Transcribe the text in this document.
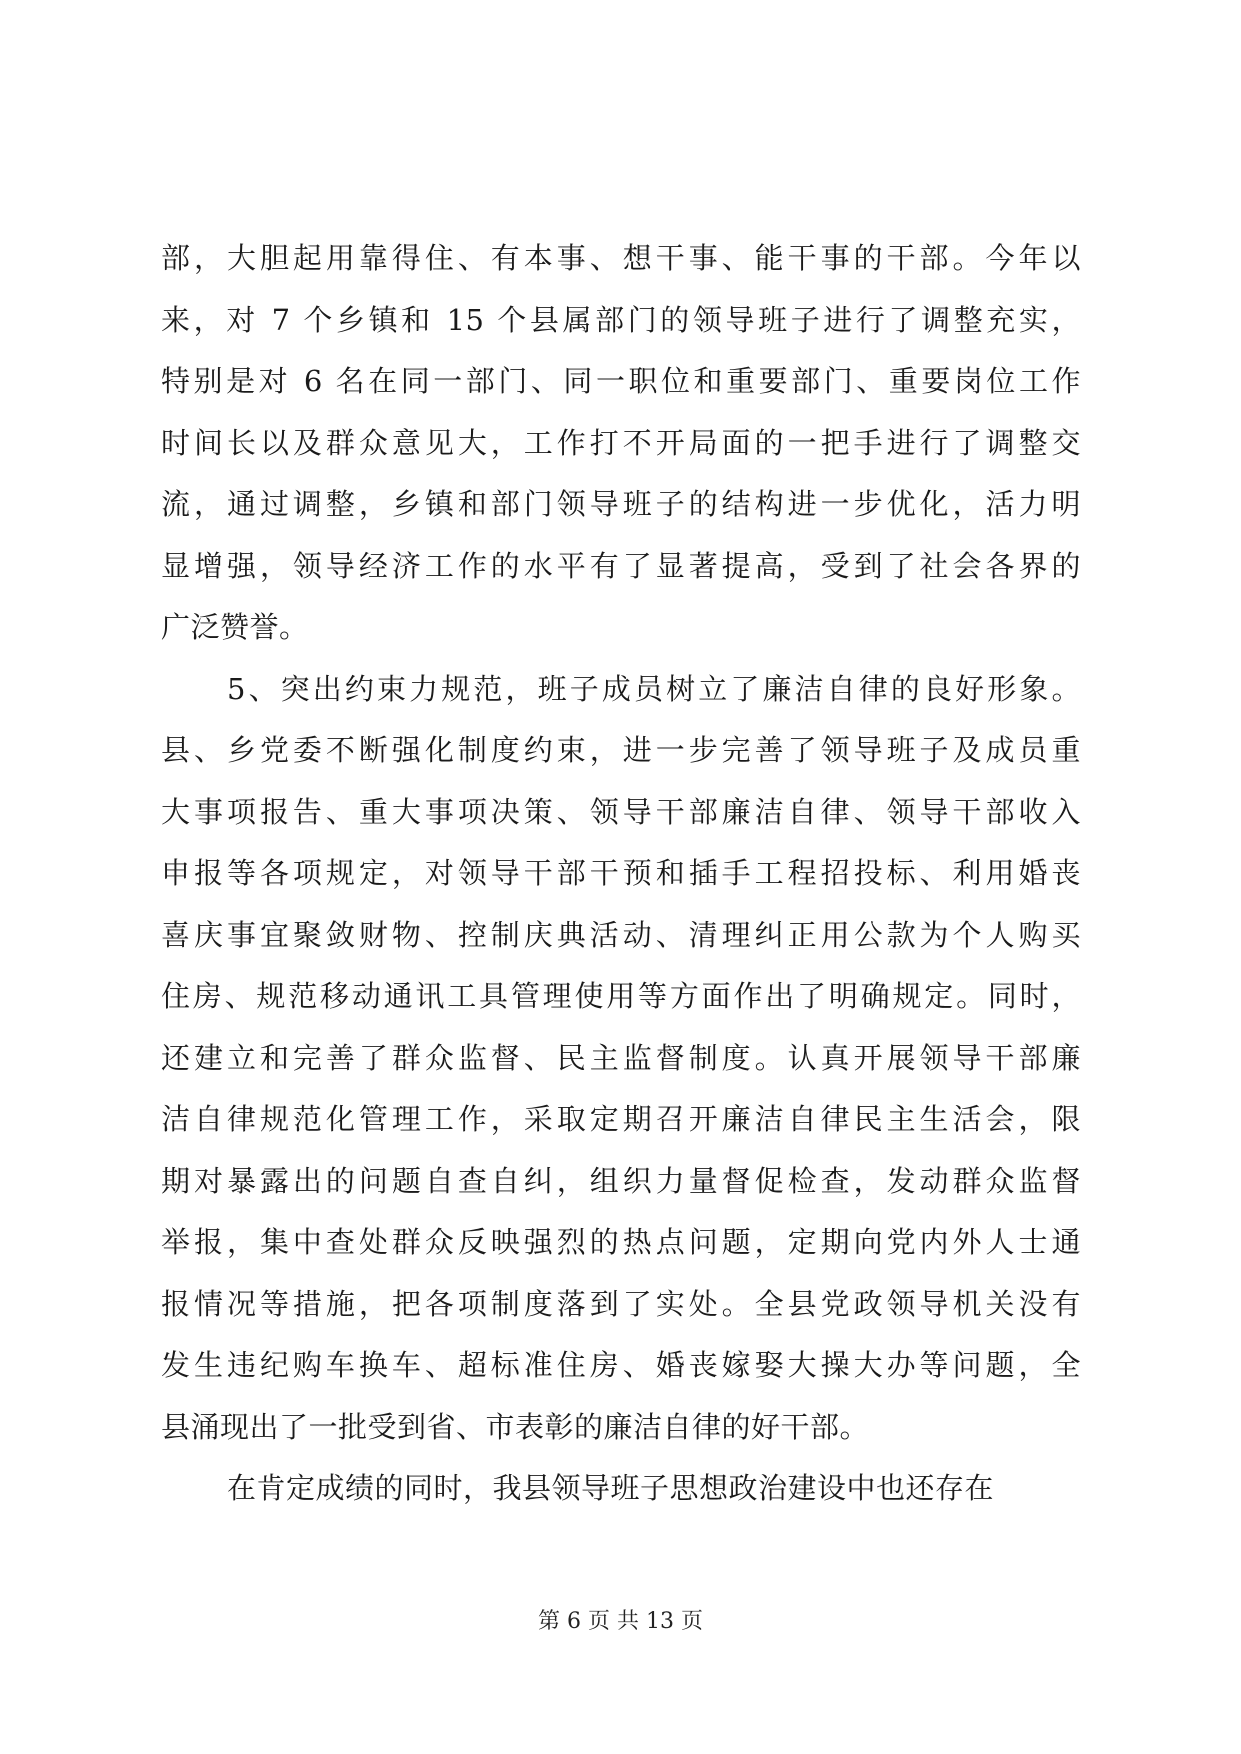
部，大胆起用靠得住、有本事、想干事、能干事的干部。今年以
来，对 7 个乡镇和 15 个县属部门的领导班子进行了调整充实，
特别是对 6 名在同一部门、同一职位和重要部门、重要岗位工作
时间长以及群众意见大，工作打不开局面的一把手进行了调整交
流，通过调整，乡镇和部门领导班子的结构进一步优化，活力明
显增强，领导经济工作的水平有了显著提高，受到了社会各界的
广泛赞誉。
5、突出约束力规范，班子成员树立了廉洁自律的良好形象。
县、乡党委不断强化制度约束，进一步完善了领导班子及成员重
大事项报告、重大事项决策、领导干部廉洁自律、领导干部收入
申报等各项规定，对领导干部干预和插手工程招投标、利用婚丧
喜庆事宜聚敛财物、控制庆典活动、清理纠正用公款为个人购买
住房、规范移动通讯工具管理使用等方面作出了明确规定。同时，
还建立和完善了群众监督、民主监督制度。认真开展领导干部廉
洁自律规范化管理工作，采取定期召开廉洁自律民主生活会，限
期对暴露出的问题自查自纠，组织力量督促检查，发动群众监督
举报，集中查处群众反映强烈的热点问题，定期向党内外人士通
报情况等措施，把各项制度落到了实处。全县党政领导机关没有
发生违纪购车换车、超标准住房、婚丧嫁娶大操大办等问题，全
县涌现出了一批受到省、市表彰的廉洁自律的好干部。
在肯定成绩的同时，我县领导班子思想政治建设中也还存在
第 6 页 共 13 页
